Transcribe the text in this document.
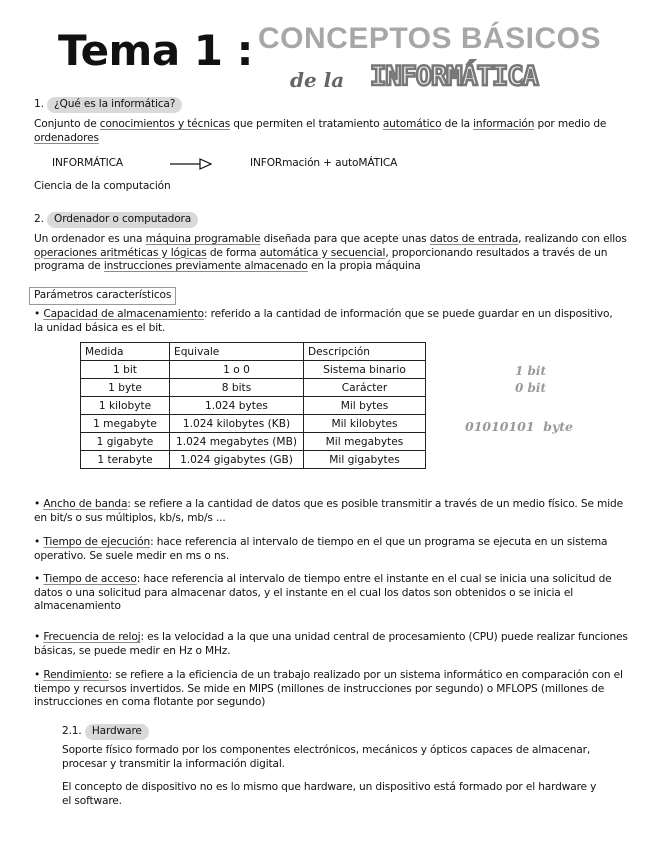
Tema 1 : CONCEPTOS BÁSICOS
de la INFORMÁTICA
1. ¿Qué es la informática?
Conjunto de conocimientos y técnicas que permiten el tratamiento automático de la información por medio de ordenadores
INFORMÁTICA	INFORmación + autoMÁTICA
Ciencia de la computación
2. Ordenador o computadora
Un ordenador es una máquina programable diseñada para que acepte unas datos de entrada, realizando con ellos operaciones aritméticas y lógicas de forma automática y secuencial, proporcionando resultados a través de un programa de instrucciones previamente almacenado en la propia máquina
Parámetros característicos
• Capacidad de almacenamiento: referido a la cantidad de información que se puede guardar en un dispositivo, la unidad básica es el bit.
Medida	Equivale	Descripción
1 bit	1 o 0	Sistema binario
1 byte	8 bits	Carácter
1 kilobyte	1.024 bytes	Mil bytes
1 megabyte	1.024 kilobytes (KB)	Mil kilobytes
1 gigabyte	1.024 megabytes (MB)	Mil megabytes
1 terabyte	1.024 gigabytes (GB)	Mil gigabytes
1 bit
0 bit
01010101  byte
• Ancho de banda: se refiere a la cantidad de datos que es posible transmitir a través de un medio físico. Se mide en bit/s o sus múltiplos, kb/s, mb/s ...
• Tiempo de ejecución: hace referencia al intervalo de tiempo en el que un programa se ejecuta en un sistema operativo. Se suele medir en ms o ns.
• Tiempo de acceso: hace referencia al intervalo de tiempo entre el instante en el cual se inicia una solicitud de datos o una solicitud para almacenar datos, y el instante en el cual los datos son obtenidos o se inicia el almacenamiento
• Frecuencia de reloj: es la velocidad a la que una unidad central de procesamiento (CPU) puede realizar funciones básicas, se puede medir en Hz o MHz.
• Rendimiento: se refiere a la eficiencia de un trabajo realizado por un sistema informático en comparación con el tiempo y recursos invertidos. Se mide en MIPS (millones de instrucciones por segundo) o MFLOPS (millones de instrucciones en coma flotante por segundo)
2.1. Hardware
Soporte físico formado por los componentes electrónicos, mecánicos y ópticos capaces de almacenar, procesar y transmitir la información digital.
El concepto de dispositivo no es lo mismo que hardware, un dispositivo está formado por el hardware y el software.
